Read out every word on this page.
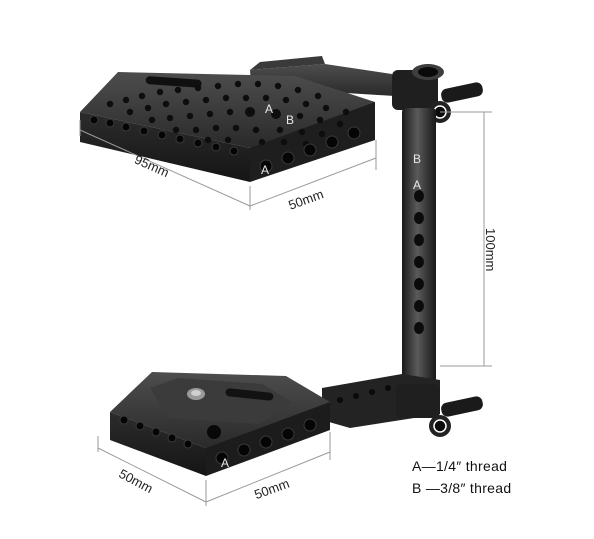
A
B
A
B
A
A
95mm
50mm
100mm
50mm	50mm
A—1/4″ thread
B —3/8″ thread
